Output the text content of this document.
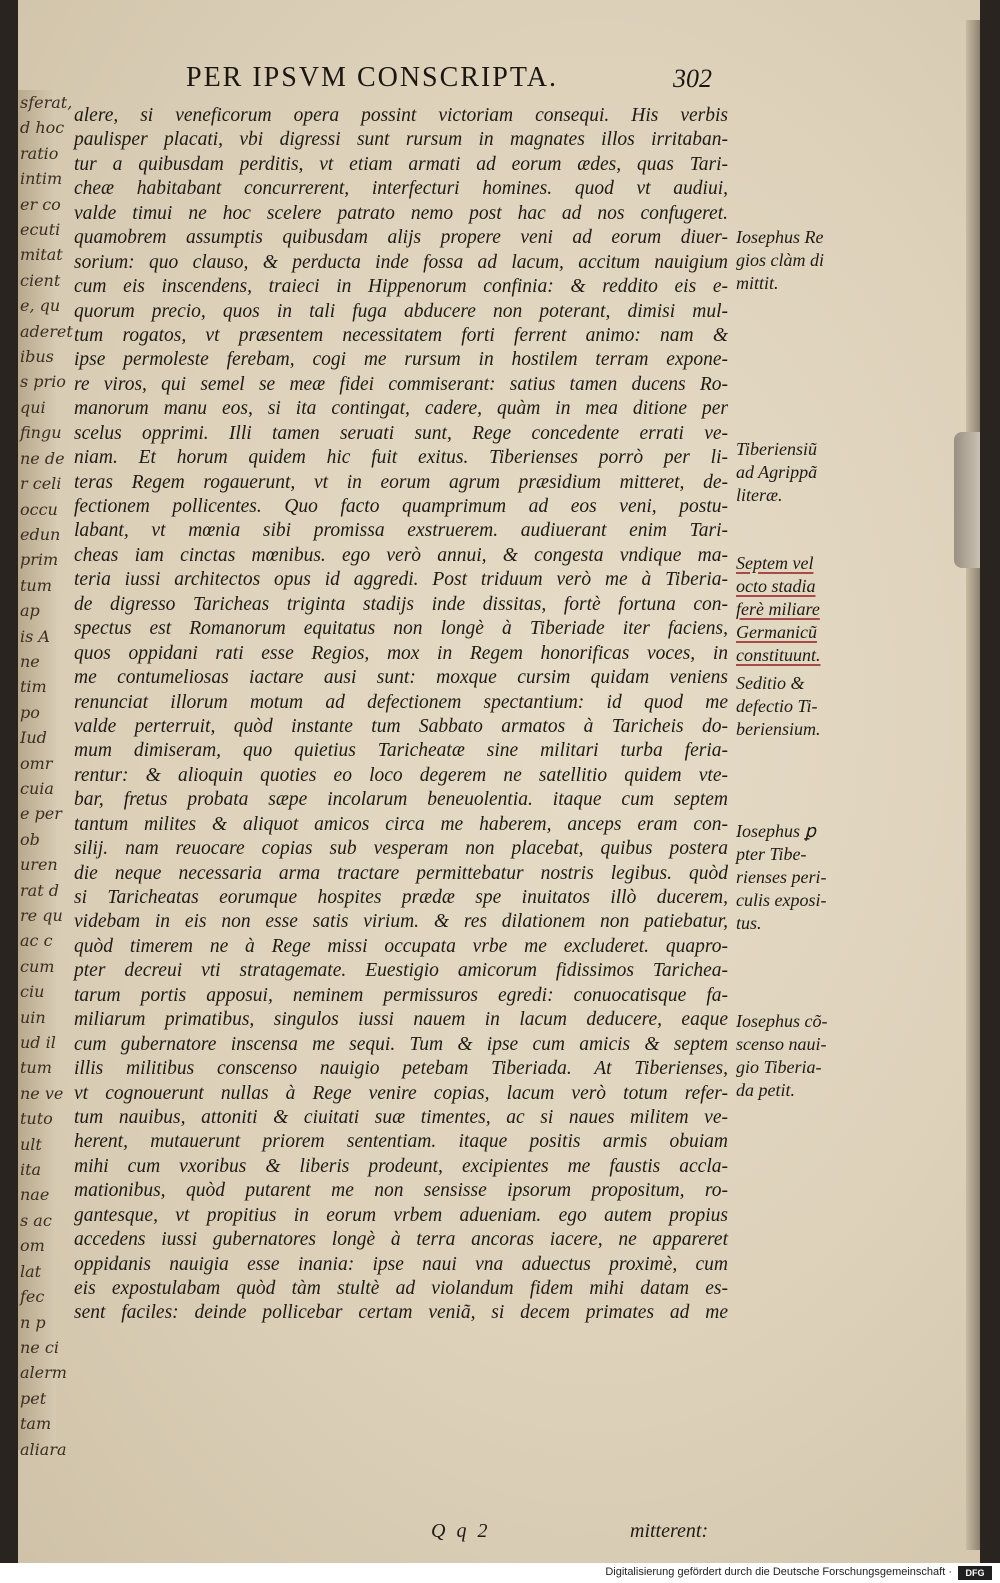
sferat,
d hoc
ratio
intim
er co
ecuti
mitat
cient
e, qu
aderet
ibus
s prio
qui
fingu
ne de
r celi
occu
edun
prim
tum
ap
is A
ne
tim
po
Iud
omr
cuia
e per
ob
uren
rat d
re qu
ac c
cum
ciu
uin
ud il
tum
ne ve
tuto
ult
ita
nae
s ac
om
lat
fec
n p
ne ci
alerm
pet
tam
aliara
PER IPSVM CONSCRIPTA.	302
alere, si veneficorum opera possint victoriam consequi. His verbis
paulisper placati, vbi digressi sunt rursum in magnates illos irritaban-
tur a quibusdam perditis, vt etiam armati ad eorum ædes, quas Tari-
cheæ habitabant concurrerent, interfecturi homines. quod vt audiui,
valde timui ne hoc scelere patrato nemo post hac ad nos confugeret.
quamobrem assumptis quibusdam alijs propere veni ad eorum diuer-
sorium: quo clauso, & perducta inde fossa ad lacum, accitum nauigium
cum eis inscendens, traieci in Hippenorum confinia: & reddito eis e-
quorum precio, quos in tali fuga abducere non poterant, dimisi mul-
tum rogatos, vt præsentem necessitatem forti ferrent animo: nam &
ipse permoleste ferebam, cogi me rursum in hostilem terram expone-
re viros, qui semel se meæ fidei commiserant: satius tamen ducens Ro-
manorum manu eos, si ita contingat, cadere, quàm in mea ditione per
scelus opprimi. Illi tamen seruati sunt, Rege concedente errati ve-
niam. Et horum quidem hic fuit exitus. Tiberienses porrò per li-
teras Regem rogauerunt, vt in eorum agrum præsidium mitteret, de-
fectionem pollicentes. Quo facto quamprimum ad eos veni, postu-
labant, vt mœnia sibi promissa exstruerem. audiuerant enim Tari-
cheas iam cinctas mœnibus. ego verò annui, & congesta vndique ma-
teria iussi architectos opus id aggredi. Post triduum verò me à Tiberia-
de digresso Taricheas triginta stadijs inde dissitas, fortè fortuna con-
spectus est Romanorum equitatus non longè à Tiberiade iter faciens,
quos oppidani rati esse Regios, mox in Regem honorificas voces, in
me contumeliosas iactare ausi sunt: moxque cursim quidam veniens
renunciat illorum motum ad defectionem spectantium: id quod me
valde perterruit, quòd instante tum Sabbato armatos à Taricheis do-
mum dimiseram, quo quietius Taricheatæ sine militari turba feria-
rentur: & alioquin quoties eo loco degerem ne satellitio quidem vte-
bar, fretus probata sæpe incolarum beneuolentia. itaque cum septem
tantum milites & aliquot amicos circa me haberem, anceps eram con-
silij. nam reuocare copias sub vesperam non placebat, quibus postera
die neque necessaria arma tractare permittebatur nostris legibus. quòd
si Taricheatas eorumque hospites prædæ spe inuitatos illò ducerem,
videbam in eis non esse satis virium. & res dilationem non patiebatur,
quòd timerem ne à Rege missi occupata vrbe me excluderet. quapro-
pter decreui vti stratagemate. Euestigio amicorum fidissimos Tarichea-
tarum portis apposui, neminem permissuros egredi: conuocatisque fa-
miliarum primatibus, singulos iussi nauem in lacum deducere, eaque
cum gubernatore inscensa me sequi. Tum & ipse cum amicis & septem
illis militibus conscenso nauigio petebam Tiberiada. At Tiberienses,
vt cognouerunt nullas à Rege venire copias, lacum verò totum refer-
tum nauibus, attoniti & ciuitati suæ timentes, ac si naues militem ve-
herent, mutauerunt priorem sententiam. itaque positis armis obuiam
mihi cum vxoribus & liberis prodeunt, excipientes me faustis accla-
mationibus, quòd putarent me non sensisse ipsorum propositum, ro-
gantesque, vt propitius in eorum vrbem adueniam. ego autem propius
accedens iussi gubernatores longè à terra ancoras iacere, ne appareret
oppidanis nauigia esse inania: ipse naui vna aduectus proximè, cum
eis expostulabam quòd tàm stultè ad violandum fidem mihi datam es-
sent faciles: deinde pollicebar certam veniã, si decem primates ad me
Iosephus Re
gios clàm di
mittit.
Tiberiensiũ
ad Agrippã
literæ.
Septem vel
octo stadia
ferè miliare
Germanicũ
constituunt.
Seditio &
defectio Ti-
beriensium.
Iosephus ꝑ
pter Tibe-
rienses peri-
culis exposi-
tus.
Iosephus cõ-
scenso naui-
gio Tiberia-
da petit.
Q q 2	mitterent:
Digitalisierung gefördert durch die Deutsche Forschungsgemeinschaft ·	DFG
